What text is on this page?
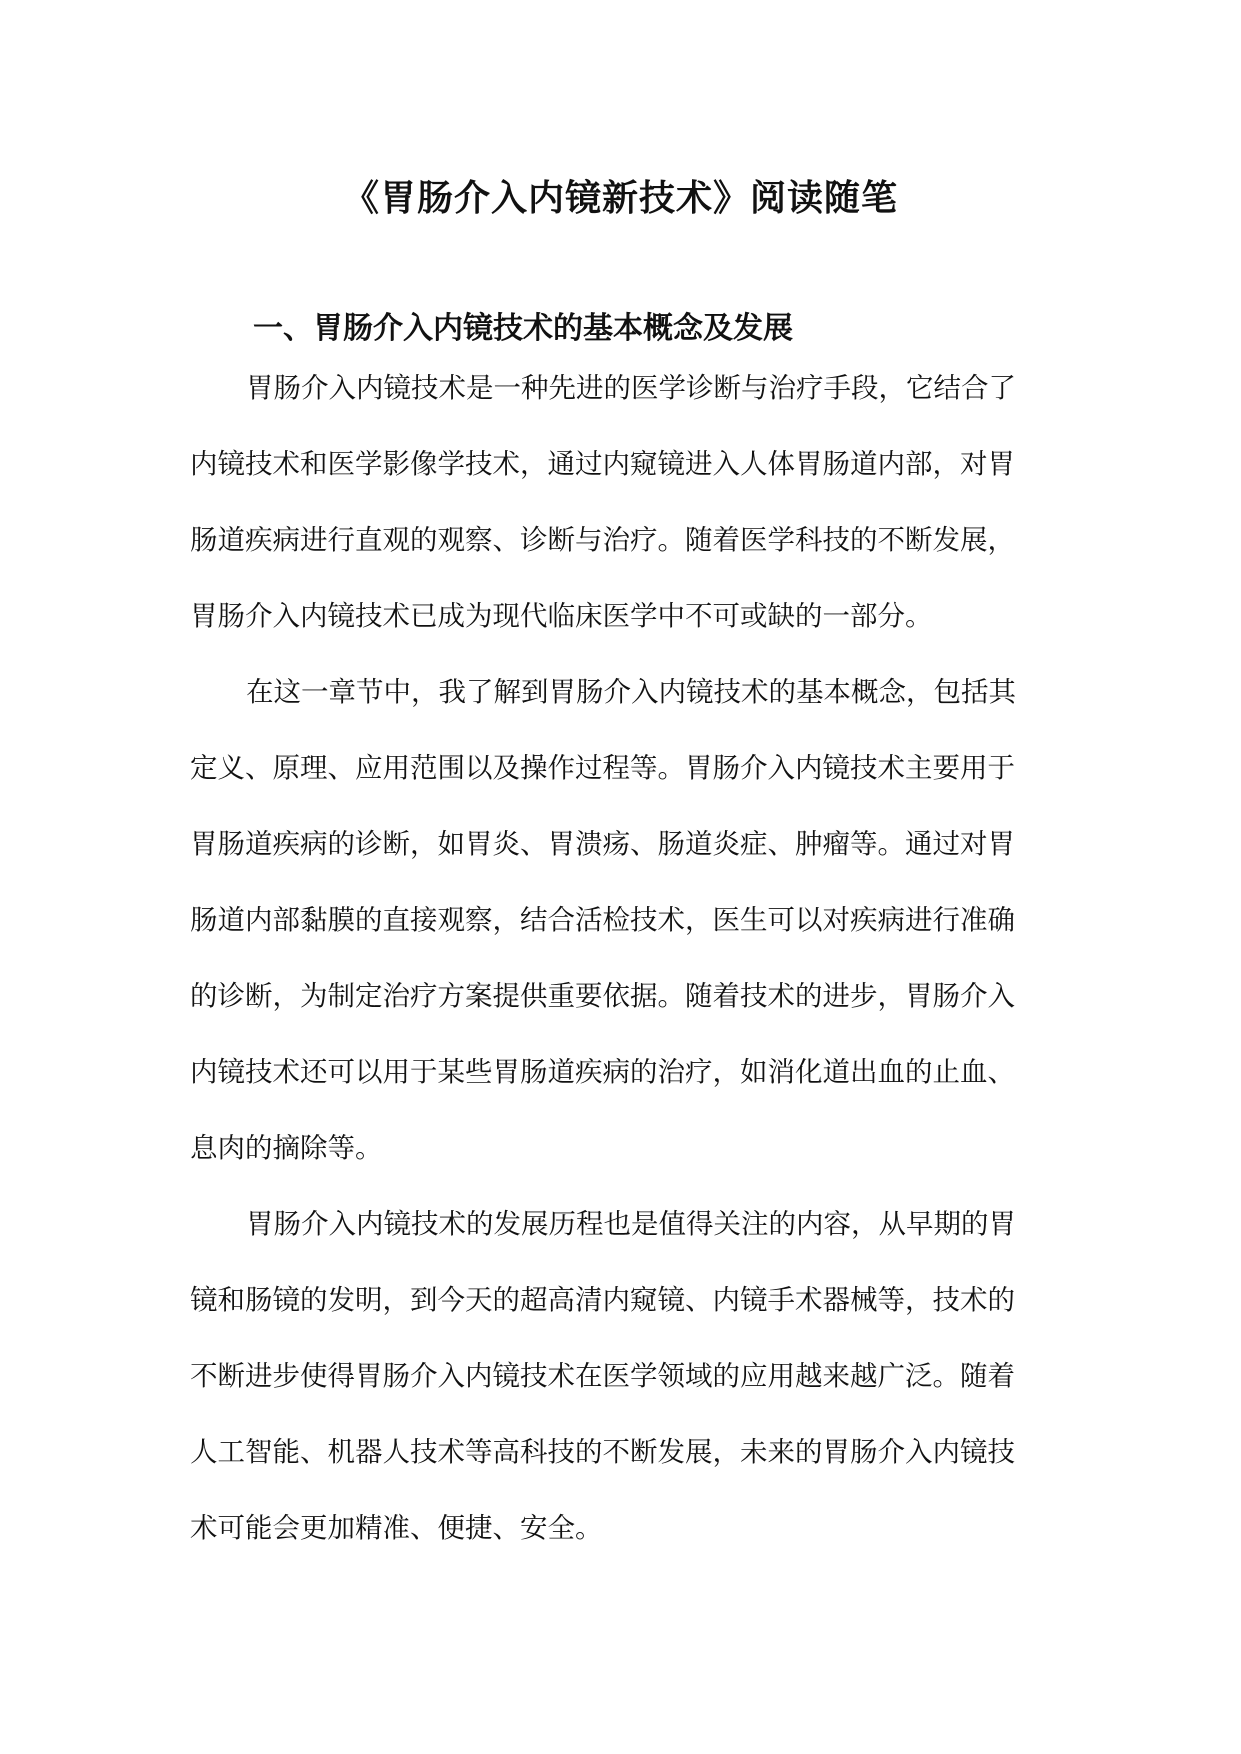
《胃肠介入内镜新技术》阅读随笔
一、胃肠介入内镜技术的基本概念及发展

胃肠介入内镜技术是一种先进的医学诊断与治疗手段，它结合了
内镜技术和医学影像学技术，通过内窥镜进入人体胃肠道内部，对胃
肠道疾病进行直观的观察、诊断与治疗。随着医学科技的不断发展，
胃肠介入内镜技术已成为现代临床医学中不可或缺的一部分。

在这一章节中，我了解到胃肠介入内镜技术的基本概念，包括其
定义、原理、应用范围以及操作过程等。胃肠介入内镜技术主要用于
胃肠道疾病的诊断，如胃炎、胃溃疡、肠道炎症、肿瘤等。通过对胃
肠道内部黏膜的直接观察，结合活检技术，医生可以对疾病进行准确
的诊断，为制定治疗方案提供重要依据。随着技术的进步，胃肠介入
内镜技术还可以用于某些胃肠道疾病的治疗，如消化道出血的止血、
息肉的摘除等。

胃肠介入内镜技术的发展历程也是值得关注的内容，从早期的胃
镜和肠镜的发明，到今天的超高清内窥镜、内镜手术器械等，技术的
不断进步使得胃肠介入内镜技术在医学领域的应用越来越广泛。随着
人工智能、机器人技术等高科技的不断发展，未来的胃肠介入内镜技
术可能会更加精准、便捷、安全。
